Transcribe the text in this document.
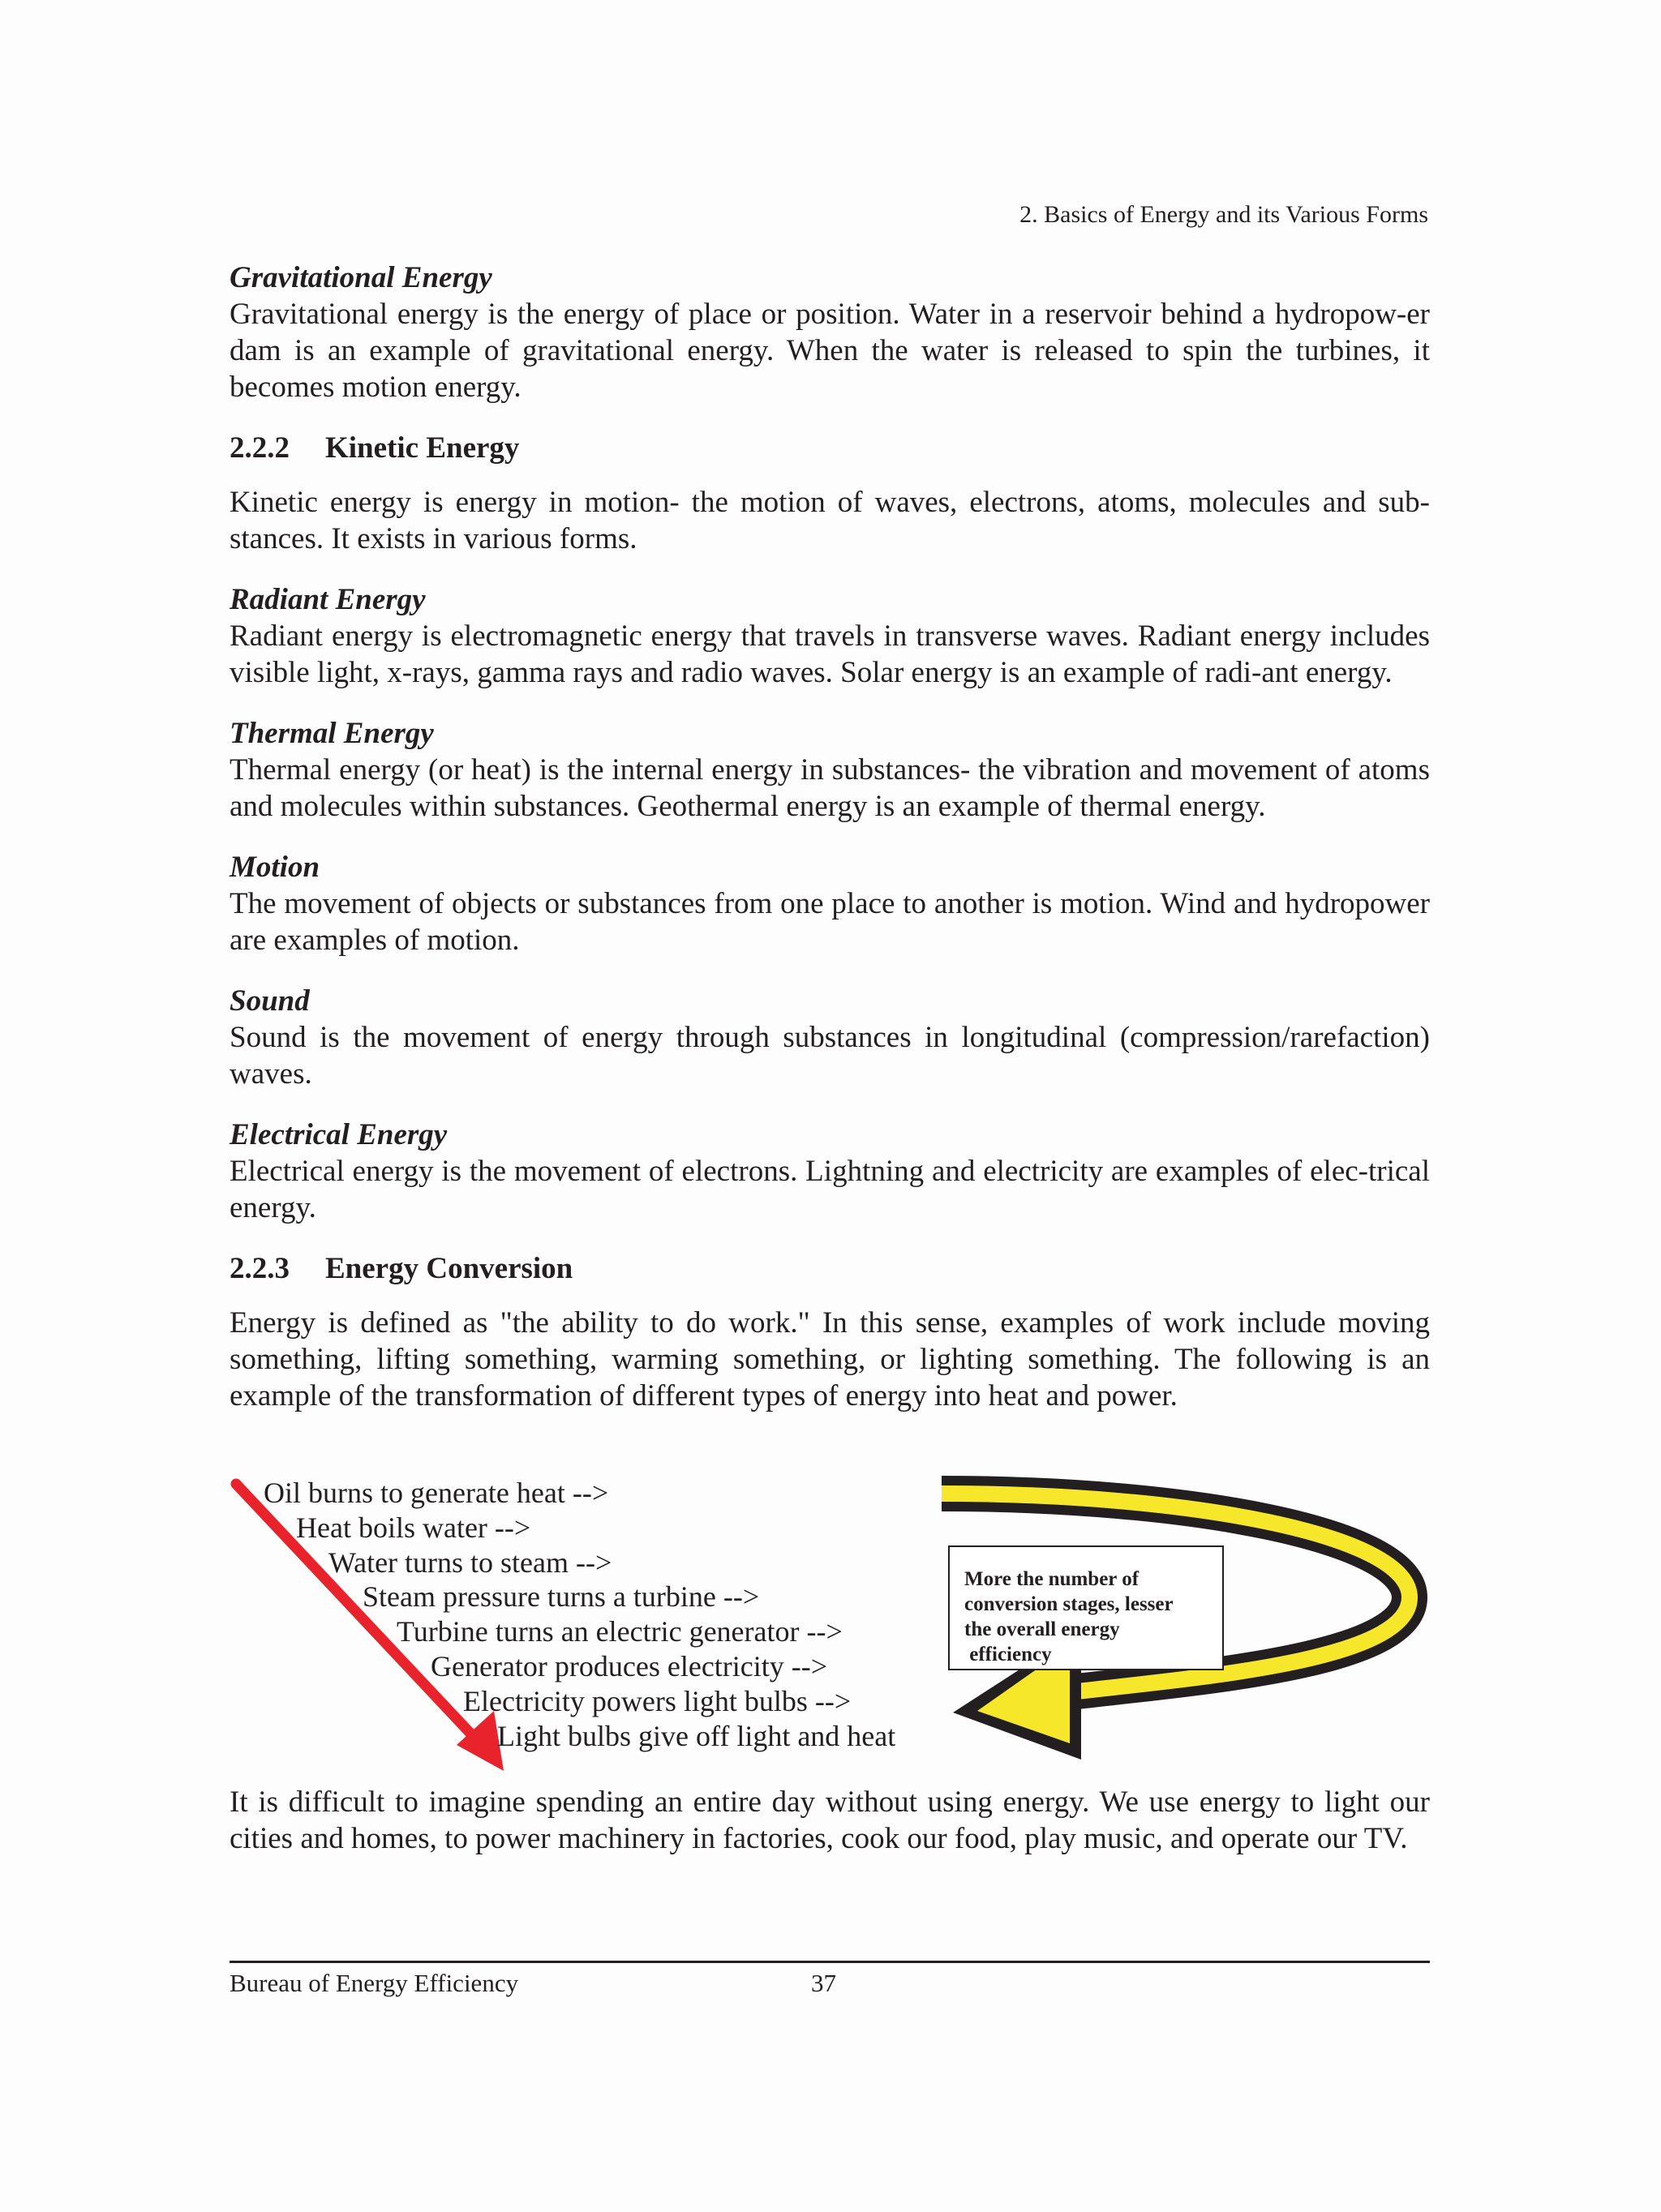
2. Basics of Energy and its Various Forms
Gravitational Energy

Gravitational energy is the energy of place or position. Water in a reservoir behind a hydropow-er dam is an example of gravitational energy. When the water is released to spin the turbines, it becomes motion energy.

2.2.2 Kinetic Energy

Kinetic energy is energy in motion- the motion of waves, electrons, atoms, molecules and sub-stances. It exists in various forms.

Radiant Energy

Radiant energy is electromagnetic energy that travels in transverse waves. Radiant energy includes visible light, x-rays, gamma rays and radio waves. Solar energy is an example of radi-ant energy.

Thermal Energy

Thermal energy (or heat) is the internal energy in substances- the vibration and movement of atoms and molecules within substances. Geothermal energy is an example of thermal energy.

Motion

The movement of objects or substances from one place to another is motion. Wind and hydropower are examples of motion.

Sound

Sound is the movement of energy through substances in longitudinal (compression/rarefaction) waves.

Electrical Energy

Electrical energy is the movement of electrons. Lightning and electricity are examples of elec-trical energy.

2.2.3 Energy Conversion

Energy is defined as "the ability to do work." In this sense, examples of work include moving something, lifting something, warming something, or lighting something. The following is an example of the transformation of different types of energy into heat and power.

Oil burns to generate heat -->
Heat boils water -->
Water turns to steam -->
Steam pressure turns a turbine -->
Turbine turns an electric generator -->
Generator produces electricity -->
Electricity powers light bulbs -->
Light bulbs give off light and heat
More the number of
conversion stages, lesser
the overall energy
efficiency

It is difficult to imagine spending an entire day without using energy. We use energy to light our cities and homes, to power machinery in factories, cook our food, play music, and operate our TV.

Bureau of Energy Efficiency	37
